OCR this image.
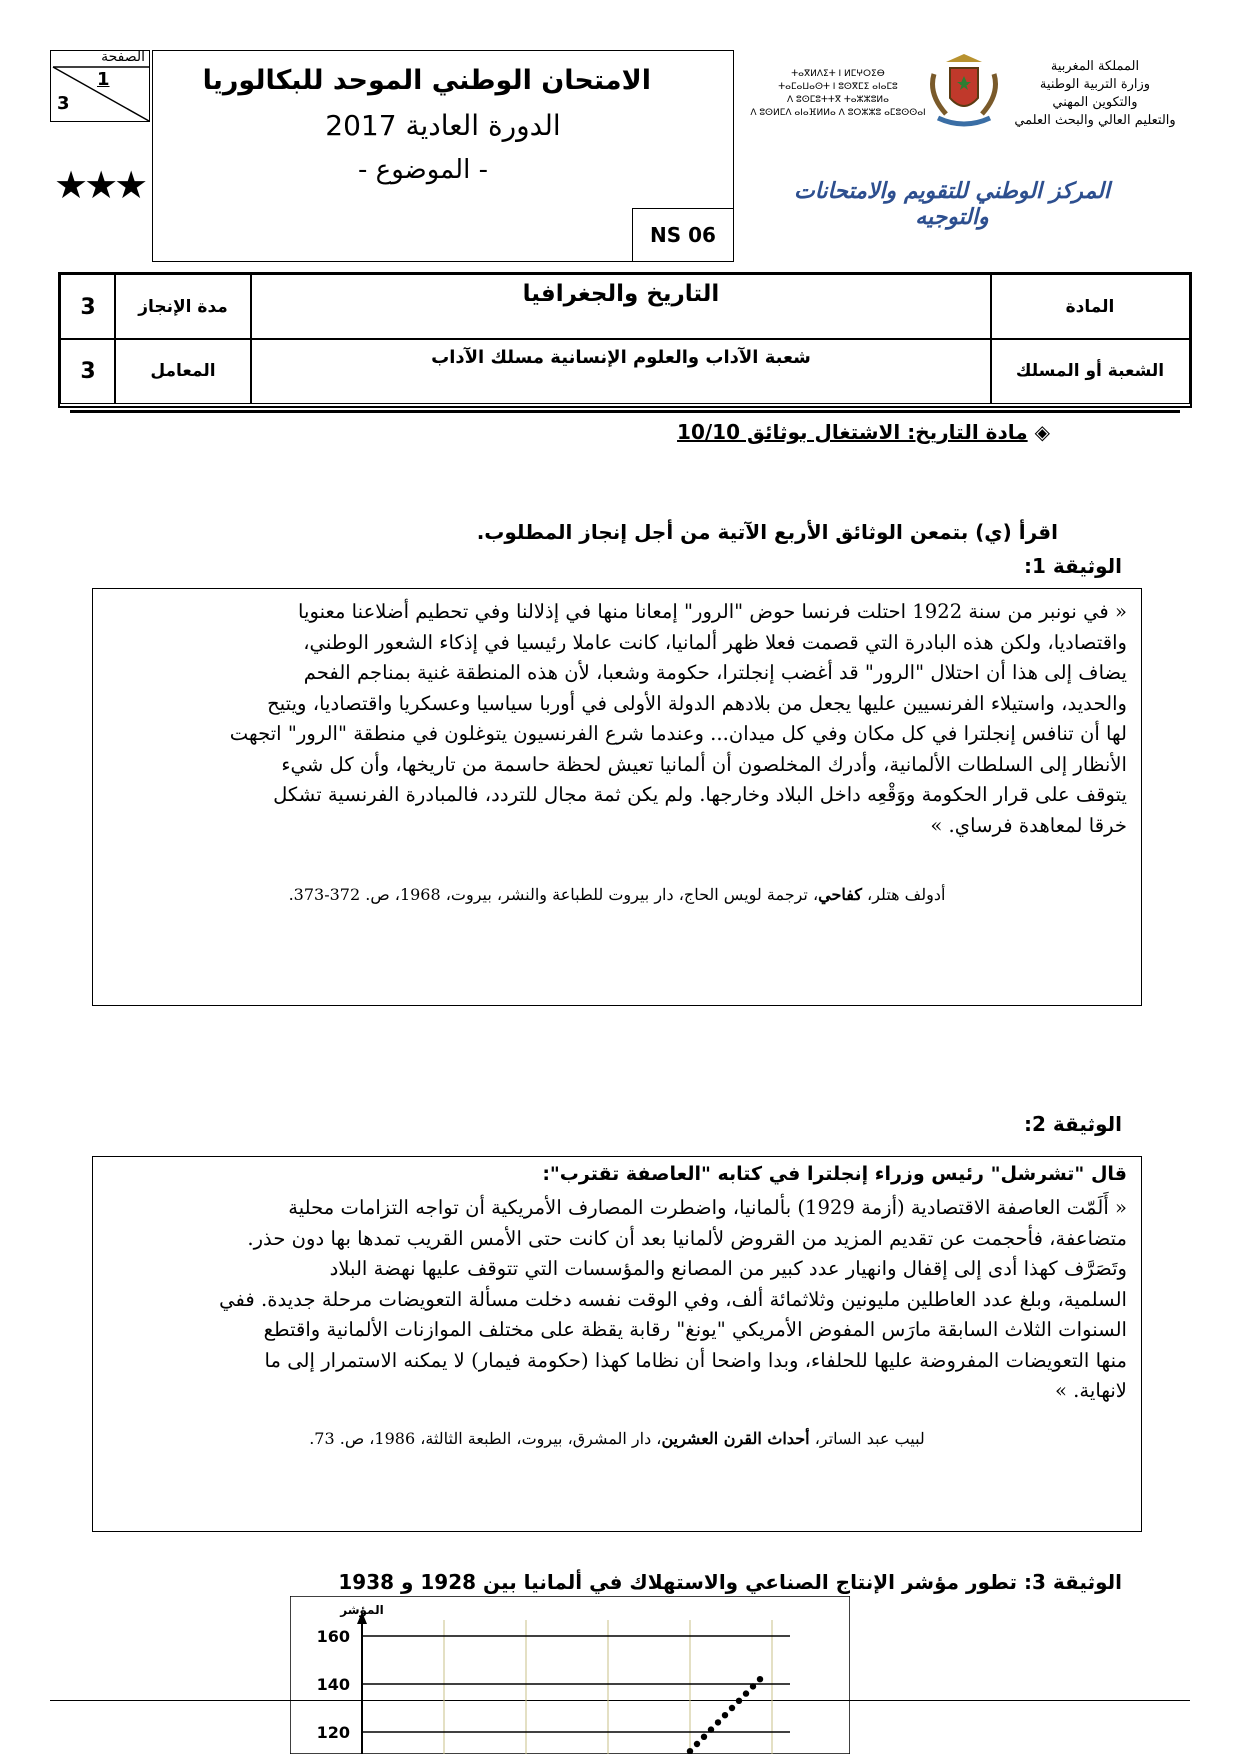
الصفحة
1
3
★★★
الامتحان الوطني الموحد للبكالوريا
الدورة العادية 2017
- الموضوع -
NS 06
ⵜⴰⴳⵍⴷⵉⵜ ⵏ ⵍⵎⵖⵔⵉⴱ
ⵜⴰⵎⴰⵡⴰⵙⵜ ⵏ ⵓⵙⴳⵎⵉ ⴰⵏⴰⵎⵓ
ⴷ ⵓⵙⵎⵓⵜⵜⴳ ⵜⴰⵣⵣⵓⵍⴰ
ⴷ ⵓⵙⵍⵎⴷ ⴰⵏⴰⴼⵍⵍⴰ ⴷ ⵓⵔⵣⵣⵓ ⴰⵎⵓⵙⵙⴰⵏ
المملكة المغربية
وزارة التربية الوطنية
والتكوين المهني
والتعليم العالي والبحث العلمي
المركز الوطني للتقويم والامتحانات والتوجيه
المادة
التاريخ والجغرافيا
مدة الإنجاز
3
الشعبة أو المسلك
شعبة الآداب والعلوم الإنسانية مسلك الآداب
المعامل
3
◈ مادة التاريخ: الاشتغال بوثائق 10/10
اقرأ (ي) بتمعن الوثائق الأربع الآتية من أجل إنجاز المطلوب.
الوثيقة 1:
« في نونبر من سنة 1922 احتلت فرنسا حوض "الرور" إمعانا منها في إذلالنا وفي تحطيم أضلاعنا معنويا
واقتصاديا، ولكن هذه البادرة التي قصمت فعلا ظهر ألمانيا، كانت عاملا رئيسيا في إذكاء الشعور الوطني،
يضاف إلى هذا أن احتلال "الرور" قد أغضب إنجلترا، حكومة وشعبا، لأن هذه المنطقة غنية بمناجم الفحم
والحديد، واستيلاء الفرنسيين عليها يجعل من بلادهم الدولة الأولى في أوربا سياسيا وعسكريا واقتصاديا، ويتيح
لها أن تنافس إنجلترا في كل مكان وفي كل ميدان... وعندما شرع الفرنسيون يتوغلون في منطقة "الرور" اتجهت
الأنظار إلى السلطات الألمانية، وأدرك المخلصون أن ألمانيا تعيش لحظة حاسمة من تاريخها، وأن كل شيء
يتوقف على قرار الحكومة ووَقْعِه داخل البلاد وخارجها. ولم يكن ثمة مجال للتردد، فالمبادرة الفرنسية تشكل
خرقا لمعاهدة فرساي. »
أدولف هتلر، كفاحي، ترجمة لويس الحاج، دار بيروت للطباعة والنشر، بيروت، 1968، ص. 372-373.
الوثيقة 2:
قال "تشرشل" رئيس وزراء إنجلترا في كتابه "العاصفة تقترب":
« أَلَمّت العاصفة الاقتصادية (أزمة 1929) بألمانيا، واضطرت المصارف الأمريكية أن تواجه التزامات محلية
متضاعفة، فأحجمت عن تقديم المزيد من القروض لألمانيا بعد أن كانت حتى الأمس القريب تمدها بها دون حذر.
وتَصَرَّف كهذا أدى إلى إقفال وانهيار عدد كبير من المصانع والمؤسسات التي تتوقف عليها نهضة البلاد
السلمية، وبلغ عدد العاطلين مليونين وثلاثمائة ألف، وفي الوقت نفسه دخلت مسألة التعويضات مرحلة جديدة. ففي
السنوات الثلاث السابقة مارَس المفوض الأمريكي "يونغ" رقابة يقظة على مختلف الموازنات الألمانية واقتطع
منها التعويضات المفروضة عليها للحلفاء، وبدا واضحا أن نظاما كهذا (حكومة فيمار) لا يمكنه الاستمرار إلى ما
لانهاية. »
لبيب عبد الساتر، أحداث القرن العشرين، دار المشرق، بيروت، الطبعة الثالثة، 1986، ص. 73.
الوثيقة 3: تطور مؤشر الإنتاج الصناعي والاستهلاك في ألمانيا بين 1928 و 1938
120
140
160
المؤشر
